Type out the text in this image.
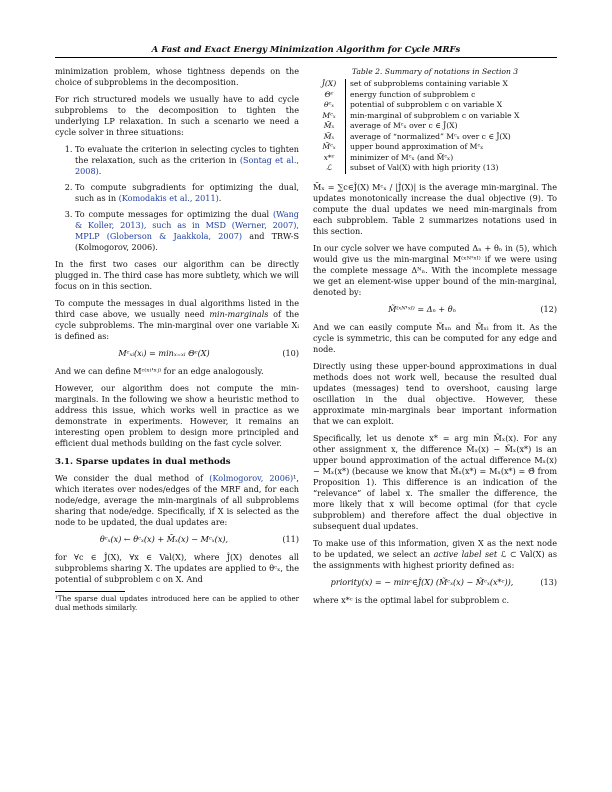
A Fast and Exact Energy Minimization Algorithm for Cycle MRFs

minimization problem, whose tightness depends on the choice of subproblems in the decomposition.

For rich structured models we usually have to add cycle subproblems to the decomposition to tighten the underlying LP relaxation. In such a scenario we need a cycle solver in three situations:

1. To evaluate the criterion in selecting cycles to tighten the relaxation, such as the criterion in (Sontag et al., 2008).
2. To compute subgradients for optimizing the dual, such as in (Komodakis et al., 2011).
3. To compute messages for optimizing the dual (Wang & Koller, 2013), such as in MSD (Werner, 2007), MPLP (Globerson & Jaakkola, 2007) and TRW-S (Kolmogorov, 2006).

In the first two cases our algorithm can be directly plugged in. The third case has more subtlety, which we will focus on in this section.

To compute the messages in dual algorithms listed in the third case above, we usually need min-marginals of the cycle subproblems. The min-marginal over one variable Xᵢ is defined as:

Mᶜₓᵢ(xᵢ) = minₓ₌ₓᵢ Θᶜ(X)	(10)

And we can define Mᶜ⁽ˣⁱ'ˣʲ⁾ for an edge analogously.

However, our algorithm does not compute the min-marginals. In the following we show a heuristic method to address this issue, which works well in practice as we demonstrate in experiments. However, it remains an interesting open problem to design more principled and efficient dual methods building on the fast cycle solver.

3.1. Sparse updates in dual methods

We consider the dual method of (Kolmogorov, 2006)¹, which iterates over nodes/edges of the MRF and, for each node/edge, average the min-marginals of all subproblems sharing that node/edge. Specifically, if X is selected as the node to be updated, the dual updates are:

θᶜₓ(x) ← θᶜₓ(x) + M̄ₓ(x) − Mᶜₓ(x),	(11)

for ∀c ∈ Ĵ(X), ∀x ∈ Val(X), where Ĵ(X) denotes all subproblems sharing X. The updates are applied to θᶜₓ, the potential of subproblem c on X. And

¹The sparse dual updates introduced here can be applied to other dual methods similarly.
Table 2. Summary of notations in Section 3
Ĵ(X)	set of subproblems containing variable X
Θᶜ	energy function of subproblem c
θᶜₓ	potential of subproblem c on variable X
Mᶜₓ	min-marginal of subproblem c on variable X
M̄ₓ	average of Mᶜₓ over c ∈ Ĵ(X)
M̃ₓ	average of “normalized” Mᶜₓ over c ∈ Ĵ(X)
M̃ᶜₓ	upper bound approximation of Mᶜₓ
x*ᶜ	minimizer of Mᶜₓ (and M̃ᶜₓ)
ℒ	subset of Val(X) with high priority (13)

M̄ₓ = ∑c∈Ĵ(X) Mᶜₓ / |Ĵ(X)| is the average min-marginal. The updates monotonically increase the dual objective (9). To compute the dual updates we need min-marginals from each subproblem. Table 2 summarizes notations used in this section.

In our cycle solver we have computed Δₙ + θₙ in (5), which would give us the min-marginal M⁽ˣᴺ'ˣᴵ⁾ if we were using the complete message Δᴺₙ. With the incomplete message we get an element-wise upper bound of the min-marginal, denoted by:

M̃⁽ˣᴺ'ˣᴵ⁾ = Δₙ + θₙ	(12)

And we can easily compute M̃ₓₙ and M̃ₓᵢ from it. As the cycle is symmetric, this can be computed for any edge and node.

Directly using these upper-bound approximations in dual methods does not work well, because the resulted dual updates (messages) tend to overshoot, causing large oscillation in the dual objective. However, these approximate min-marginals bear important information that we can exploit.

Specifically, let us denote x* = arg min M̃ₓ(x). For any other assignment x, the difference M̃ₓ(x) − M̃ₓ(x*) is an upper bound approximation of the actual difference Mₓ(x) − Mₓ(x*) (because we know that M̃ₓ(x*) = Mₓ(x*) = Θ̃ from Proposition 1). This difference is an indication of the “relevance” of label x. The smaller the difference, the more likely that x will become optimal (for that cycle subproblem) and therefore affect the dual objective in subsequent dual updates.

To make use of this information, given X as the next node to be updated, we select an active label set ℒ ⊂ Val(X) as the assignments with highest priority defined as:

priority(x) = − minᶜ∈Ĵ(X) (M̃ᶜₓ(x) − M̃ᶜₓ(x*ᶜ)),	(13)

where x*ᶜ is the optimal label for subproblem c.
